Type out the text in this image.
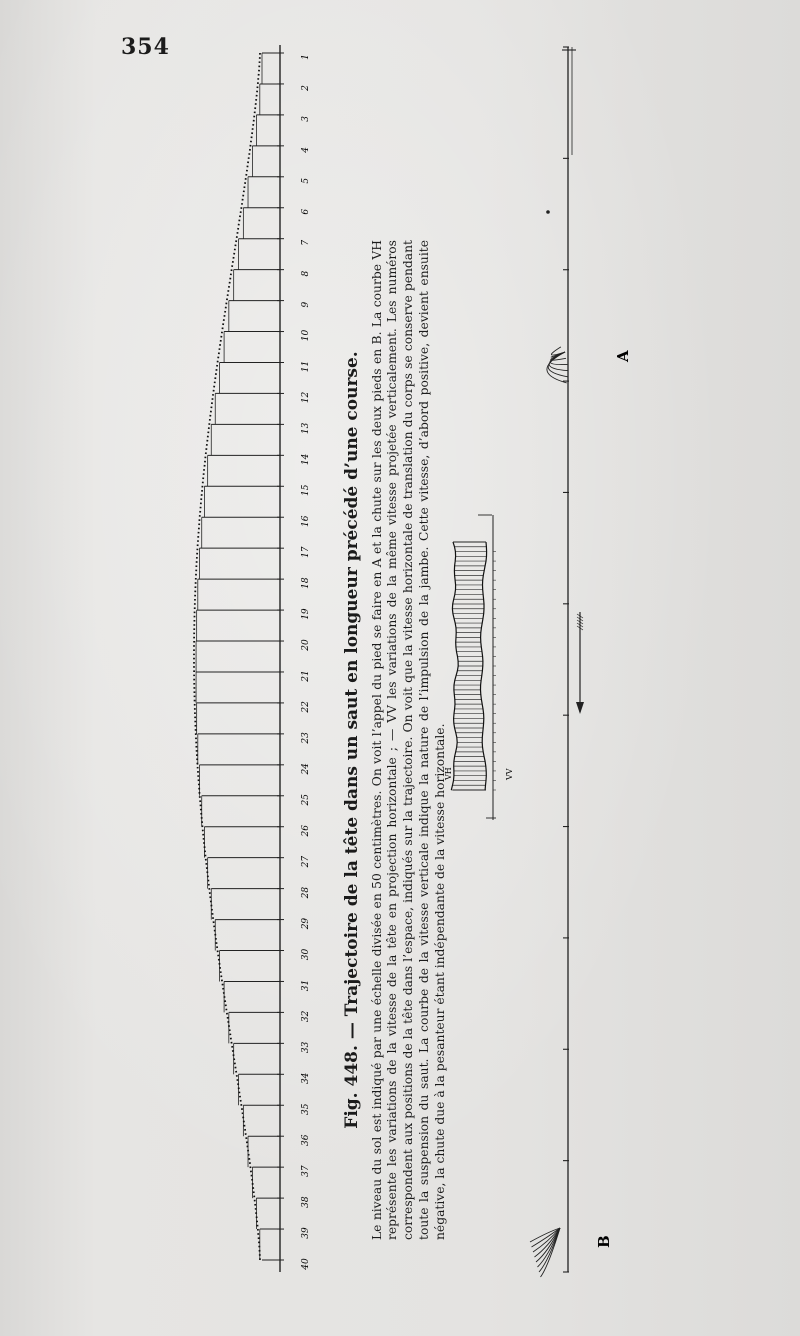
354	1
2
3
4
5
6
7
8
9
10
11
12
13
14
15
16
17
18
19
20
21
22
23
24
25
26
27
28
29
30
31
32
33
34
35
36
37
38
39
40
A
B
VH	VV
Fig. 448. — Trajectoire de la tête dans un saut en longueur précédé d’une course. Le niveau du sol est indiqué par une échelle divisée en 50 centimètres. On voit l’appel du pied se faire en A et la chute sur les deux pieds en B. La courbe VH représente les variations de la vitesse de la tête en projection horizontale ; — VV les variations de la même vitesse projetée verticalement. Les numéros correspondent aux positions de la tête dans l’espace, indiqués sur la trajectoire. On voit que la vitesse horizontale de translation du corps se conserve pendant toute la suspension du saut. La courbe de la vitesse verticale indique la nature de l’impulsion de la jambe. Cette vitesse, d’abord positive, devient ensuite négative, la chute due à la pesanteur étant indépendante de la vitesse horizontale.
